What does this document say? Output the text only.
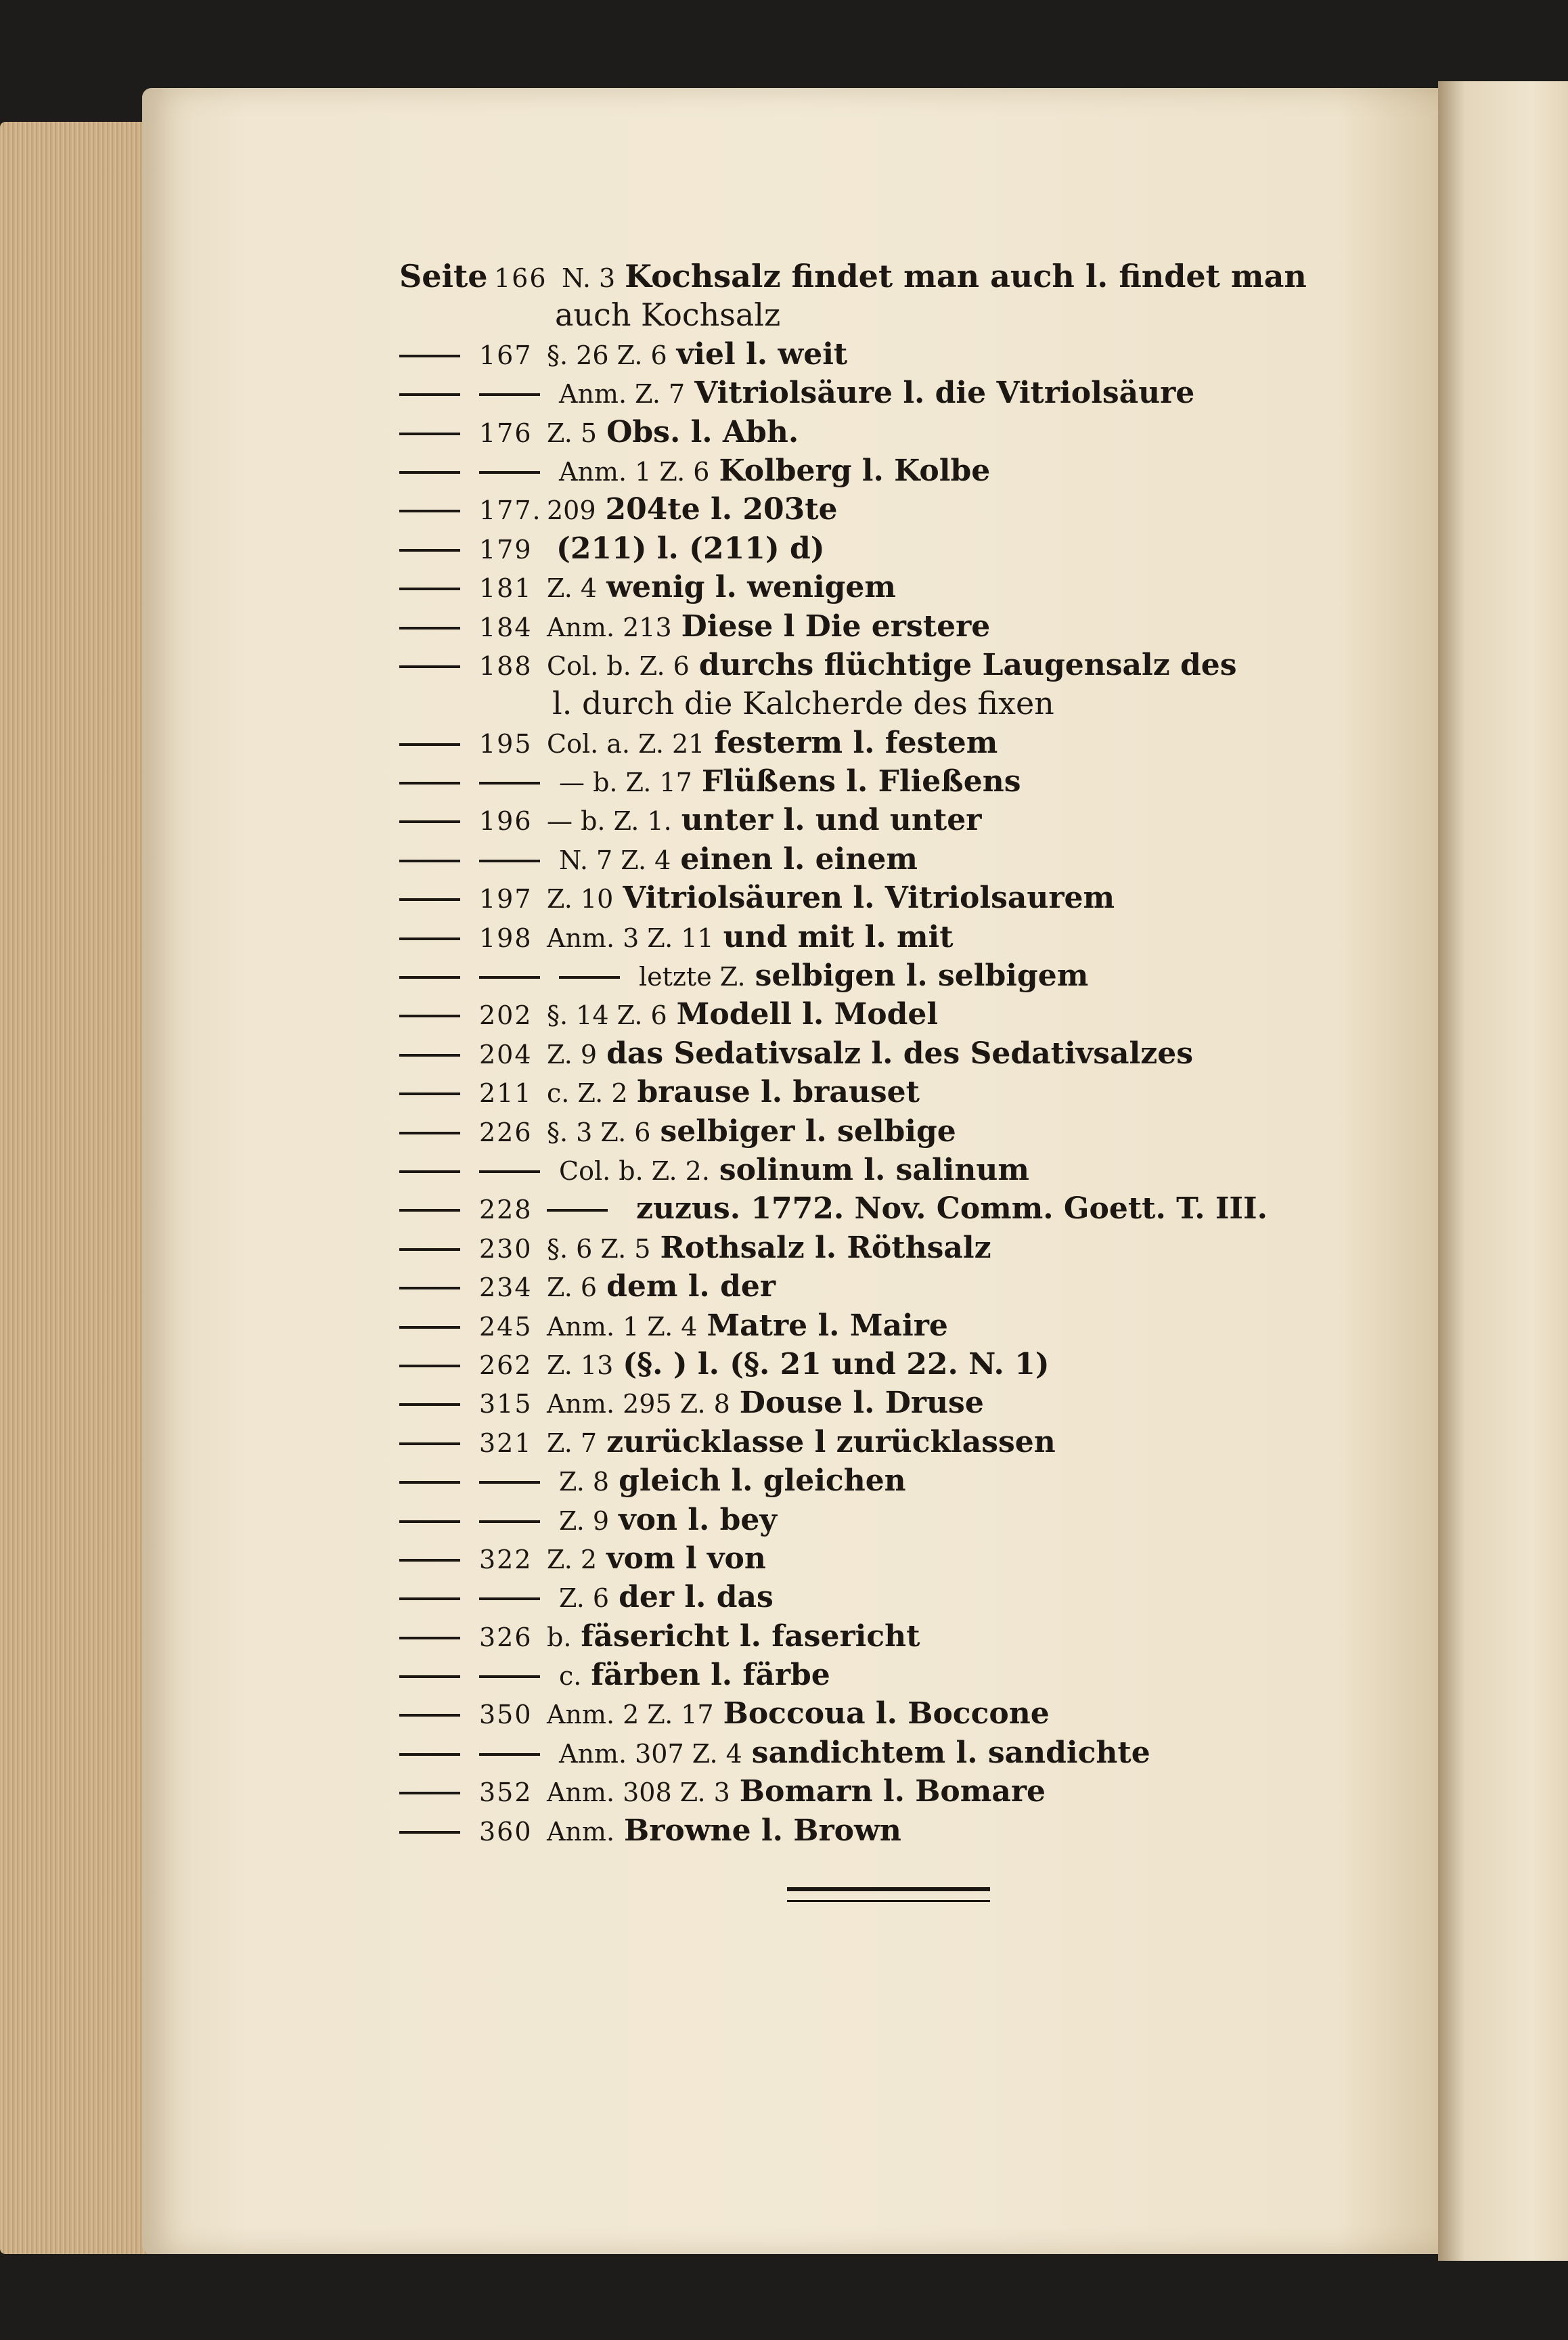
Seite 166 N. 3 Kochsalz findet man auch l. findet man
auch Kochsalz
167 §. 26 Z. 6 viel l. weit
Anm. Z. 7 Vitriolsäure l. die Vitriolsäure
176 Z. 5 Obs. l. Abh.
Anm. 1 Z. 6 Kolberg l. Kolbe
177. 209 204te l. 203te
179 (211) l. (211) d)
181 Z. 4 wenig l. wenigem
184 Anm. 213 Diese l Die erstere
188 Col. b. Z. 6 durchs flüchtige Laugensalz des
l. durch die Kalcherde des fixen
195 Col. a. Z. 21 festerm l. festem
— b. Z. 17 Flüßens l. Fließens
196 — b. Z. 1. unter l. und unter
N. 7 Z. 4 einen l. einem
197 Z. 10 Vitriolsäuren l. Vitriolsaurem
198 Anm. 3 Z. 11 und mit l. mit
letzte Z. selbigen l. selbigem
202 §. 14 Z. 6 Modell l. Model
204 Z. 9 das Sedativsalz l. des Sedativsalzes
211 c. Z. 2 brause l. brauset
226 §. 3 Z. 6 selbiger l. selbige
Col. b. Z. 2. solinum l. salinum
228	zuzus. 1772. Nov. Comm. Goett. T. III.
230 §. 6 Z. 5 Rothsalz l. Röthsalz
234 Z. 6 dem l. der
245 Anm. 1 Z. 4 Matre l. Maire
262 Z. 13 (§. ) l. (§. 21 und 22. N. 1)
315 Anm. 295 Z. 8 Douse l. Druse
321 Z. 7 zurücklasse l zurücklassen
Z. 8 gleich l. gleichen
Z. 9 von l. bey
322 Z. 2 vom l von
Z. 6 der l. das
326 b. fäsericht l. fasericht
c. färben l. färbe
350 Anm. 2 Z. 17 Boccoua l. Boccone
Anm. 307 Z. 4 sandichtem l. sandichte
352 Anm. 308 Z. 3 Bomarn l. Bomare
360 Anm. Browne l. Brown
